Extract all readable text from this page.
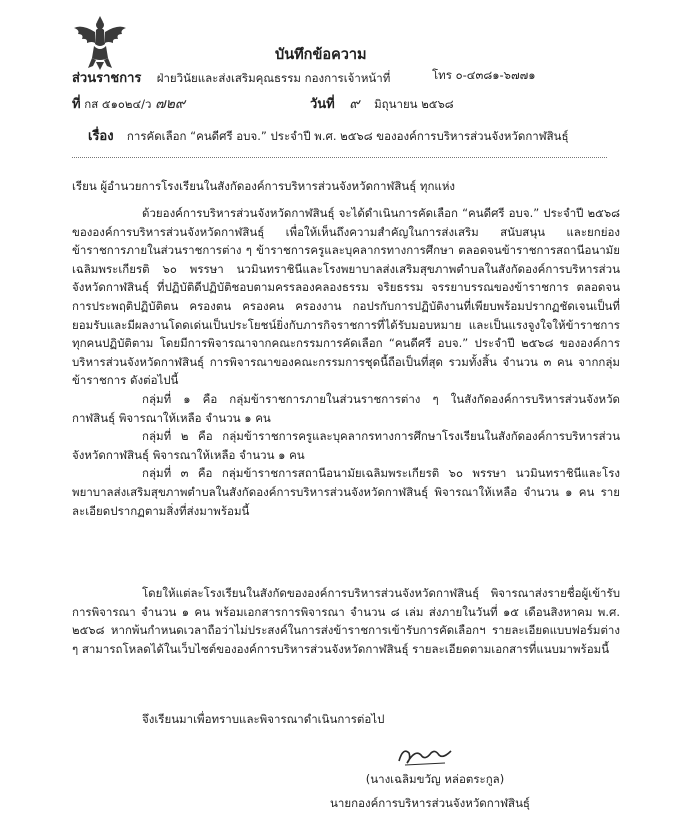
บันทึกข้อความ
ส่วนราชการ ฝ่ายวินัยและส่งเสริมคุณธรรม กองการเจ้าหน้าที่	โทร ๐-๔๓๘๑-๖๗๗๑
ที่ กส ๕๑๐๒๔/ว ๗๒๙	วันที่ ๙ มิถุนายน ๒๕๖๘
เรื่อง การคัดเลือก “คนดีศรี อบจ.” ประจำปี พ.ศ. ๒๕๖๘ ขององค์การบริหารส่วนจังหวัดกาฬสินธุ์
เรียน ผู้อำนวยการโรงเรียนในสังกัดองค์การบริหารส่วนจังหวัดกาฬสินธุ์ ทุกแห่ง

ด้วยองค์การบริหารส่วนจังหวัดกาฬสินธุ์ จะได้ดำเนินการคัดเลือก “คนดีศรี อบจ.” ประจำปี ๒๕๖๘ ขององค์การบริหารส่วนจังหวัดกาฬสินธุ์ เพื่อให้เห็นถึงความสำคัญในการส่งเสริม สนับสนุน และยกย่องข้าราชการภายในส่วนราชการต่าง ๆ ข้าราชการครูและบุคลากรทางการศึกษา ตลอดจนข้าราชการสถานีอนามัยเฉลิมพระเกียรติ ๖๐ พรรษา นวมินทราชินีและโรงพยาบาลส่งเสริมสุขภาพตำบลในสังกัดองค์การบริหารส่วนจังหวัดกาฬสินธุ์ ที่ปฏิบัติดีปฏิบัติชอบตามครรลองคลองธรรม จริยธรรม จรรยาบรรณของข้าราชการ ตลอดจนการประพฤติปฏิบัติตน ครองตน ครองคน ครองงาน กอปรกับการปฏิบัติงานที่เพียบพร้อมปรากฏชัดเจนเป็นที่ยอมรับและมีผลงานโดดเด่นเป็นประโยชน์ยิ่งกับภารกิจราชการที่ได้รับมอบหมาย และเป็นแรงจูงใจให้ข้าราชการทุกคนปฏิบัติตาม โดยมีการพิจารณาจากคณะกรรมการคัดเลือก “คนดีศรี อบจ.” ประจำปี ๒๕๖๘ ขององค์การบริหารส่วนจังหวัดกาฬสินธุ์ การพิจารณาของคณะกรรมการชุดนี้ถือเป็นที่สุด รวมทั้งสิ้น จำนวน ๓ คน จากกลุ่มข้าราชการ ดังต่อไปนี้

กลุ่มที่ ๑ คือ กลุ่มข้าราชการภายในส่วนราชการต่าง ๆ ในสังกัดองค์การบริหารส่วนจังหวัดกาฬสินธุ์ พิจารณาให้เหลือ จำนวน ๑ คน

กลุ่มที่ ๒ คือ กลุ่มข้าราชการครูและบุคลากรทางการศึกษาโรงเรียนในสังกัดองค์การบริหารส่วนจังหวัดกาฬสินธุ์ พิจารณาให้เหลือ จำนวน ๑ คน

กลุ่มที่ ๓ คือ กลุ่มข้าราชการสถานีอนามัยเฉลิมพระเกียรติ ๖๐ พรรษา นวมินทราชินีและโรงพยาบาลส่งเสริมสุขภาพตำบลในสังกัดองค์การบริหารส่วนจังหวัดกาฬสินธุ์ พิจารณาให้เหลือ จำนวน ๑ คน รายละเอียดปรากฏตามสิ่งที่ส่งมาพร้อมนี้

โดยให้แต่ละโรงเรียนในสังกัดขององค์การบริหารส่วนจังหวัดกาฬสินธุ์ พิจารณาส่งรายชื่อผู้เข้ารับการพิจารณา จำนวน ๑ คน พร้อมเอกสารการพิจารณา จำนวน ๘ เล่ม ส่งภายในวันที่ ๑๕ เดือนสิงหาคม พ.ศ. ๒๕๖๘ หากพ้นกำหนดเวลาถือว่าไม่ประสงค์ในการส่งข้าราชการเข้ารับการคัดเลือกฯ รายละเอียดแบบฟอร์มต่าง ๆ สามารถโหลดได้ในเว็บไซต์ขององค์การบริหารส่วนจังหวัดกาฬสินธุ์ รายละเอียดตามเอกสารที่แนบมาพร้อมนี้
จึงเรียนมาเพื่อทราบและพิจารณาดำเนินการต่อไป
(นางเฉลิมขวัญ หล่อตระกูล)
นายกองค์การบริหารส่วนจังหวัดกาฬสินธุ์
